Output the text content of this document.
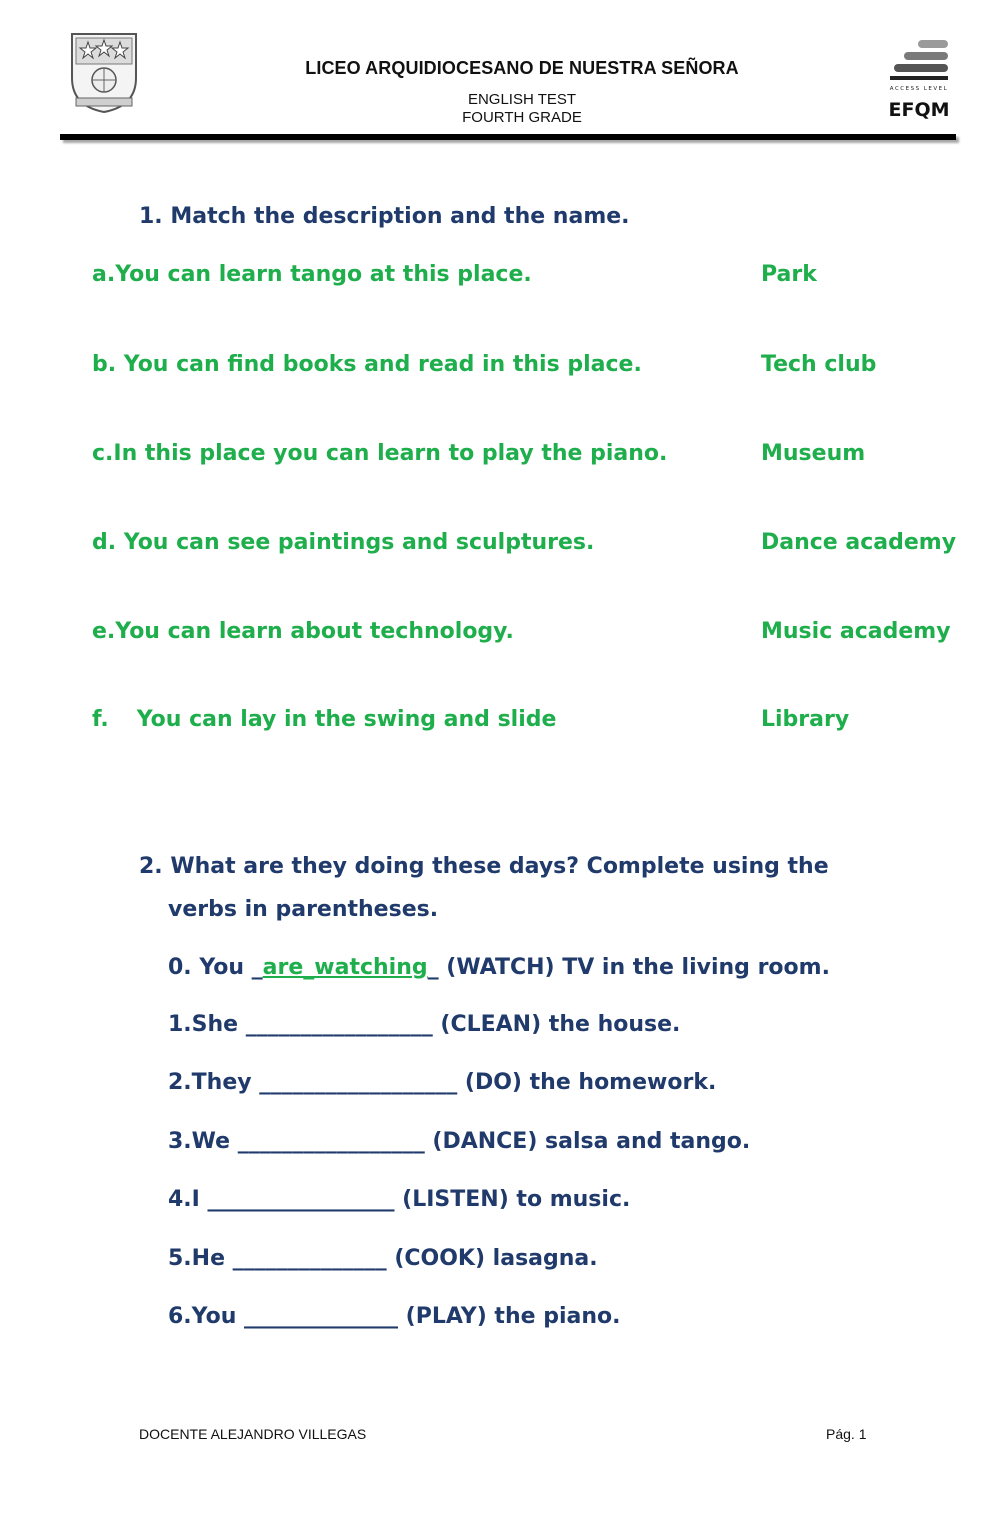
LICEO ARQUIDIOCESANO DE NUESTRA SEÑORA
ENGLISH TEST
FOURTH GRADE
ACCESS LEVEL
EFQM
1. Match the description and the name.
a.You can learn tango at this place.
b. You can find books and read in this place.
c.In this place you can learn to play the piano.
d. You can see paintings and sculptures.
e.You can learn about technology.
f. You can lay in the swing and slide
Park
Tech club
Museum
Dance academy
Music academy
Library
2. What are they doing these days? Complete using the
verbs in parentheses.
0. You _are_watching_ (WATCH) TV in the living room.
1.She _________________ (CLEAN) the house.
2.They __________________ (DO) the homework.
3.We _________________ (DANCE) salsa and tango.
4.I _________________ (LISTEN) to music.
5.He ______________ (COOK) lasagna.
6.You ______________ (PLAY) the piano.
DOCENTE ALEJANDRO VILLEGAS	Pág. 1
